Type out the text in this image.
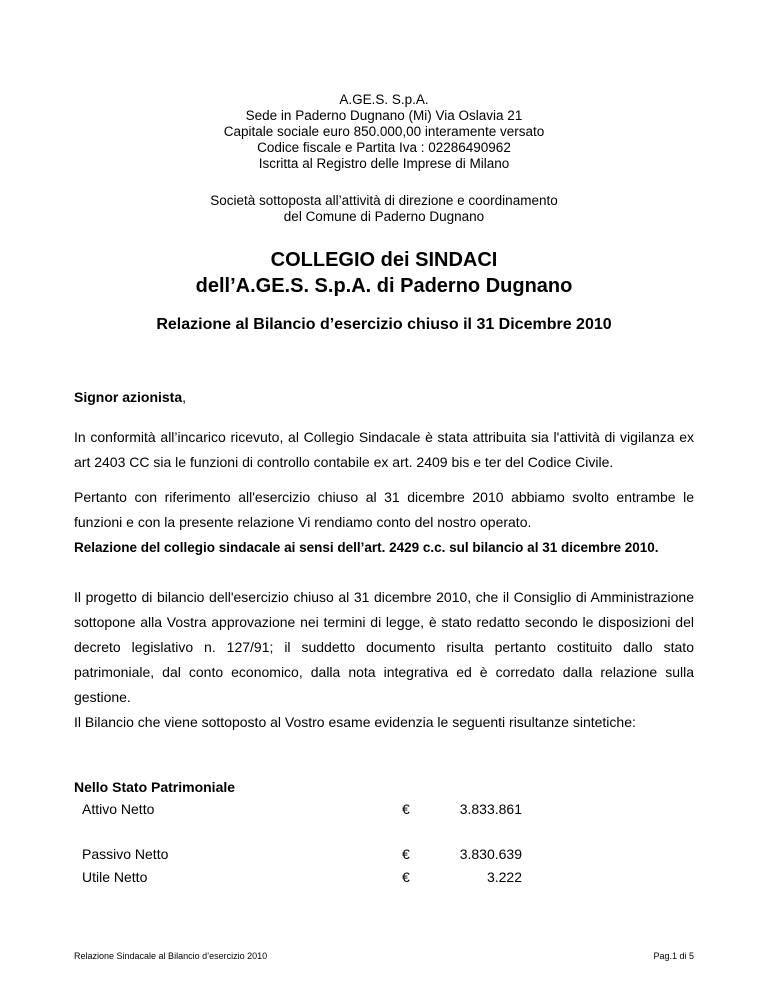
A.GE.S. S.p.A.
Sede in Paderno Dugnano (Mi) Via Oslavia 21
Capitale sociale euro 850.000,00 interamente versato
Codice fiscale e Partita Iva : 02286490962
Iscritta al Registro delle Imprese di Milano
Società sottoposta all’attività di direzione e coordinamento
del Comune di Paderno Dugnano
COLLEGIO dei SINDACI
dell’A.GE.S. S.p.A. di Paderno Dugnano
Relazione al Bilancio d’esercizio chiuso il 31 Dicembre 2010
Signor azionista,
In conformità all’incarico ricevuto, al Collegio Sindacale è stata attribuita sia l'attività di vigilanza ex art 2403 CC sia le funzioni di controllo contabile ex art. 2409 bis e ter del Codice Civile.
Pertanto con riferimento all'esercizio chiuso al 31 dicembre 2010 abbiamo svolto entrambe le funzioni e con la presente relazione Vi rendiamo conto del nostro operato.
Relazione del collegio sindacale ai sensi dell’art. 2429 c.c. sul bilancio al 31 dicembre 2010.
Il progetto di bilancio dell'esercizio chiuso al 31 dicembre 2010, che il Consiglio di Amministrazione sottopone alla Vostra approvazione nei termini di legge, è stato redatto secondo le disposizioni del decreto legislativo n. 127/91; il suddetto documento risulta pertanto costituito dallo stato patrimoniale, dal conto economico, dalla nota integrativa ed è corredato dalla relazione sulla gestione.
Il Bilancio che viene sottoposto al Vostro esame evidenzia le seguenti risultanze sintetiche:
Nello Stato Patrimoniale
Attivo Netto	€	3.833.861
Passivo Netto	€	3.830.639
Utile Netto	€	3.222
Relazione Sindacale al Bilancio d’esercizio 2010	Pag.1 di 5
